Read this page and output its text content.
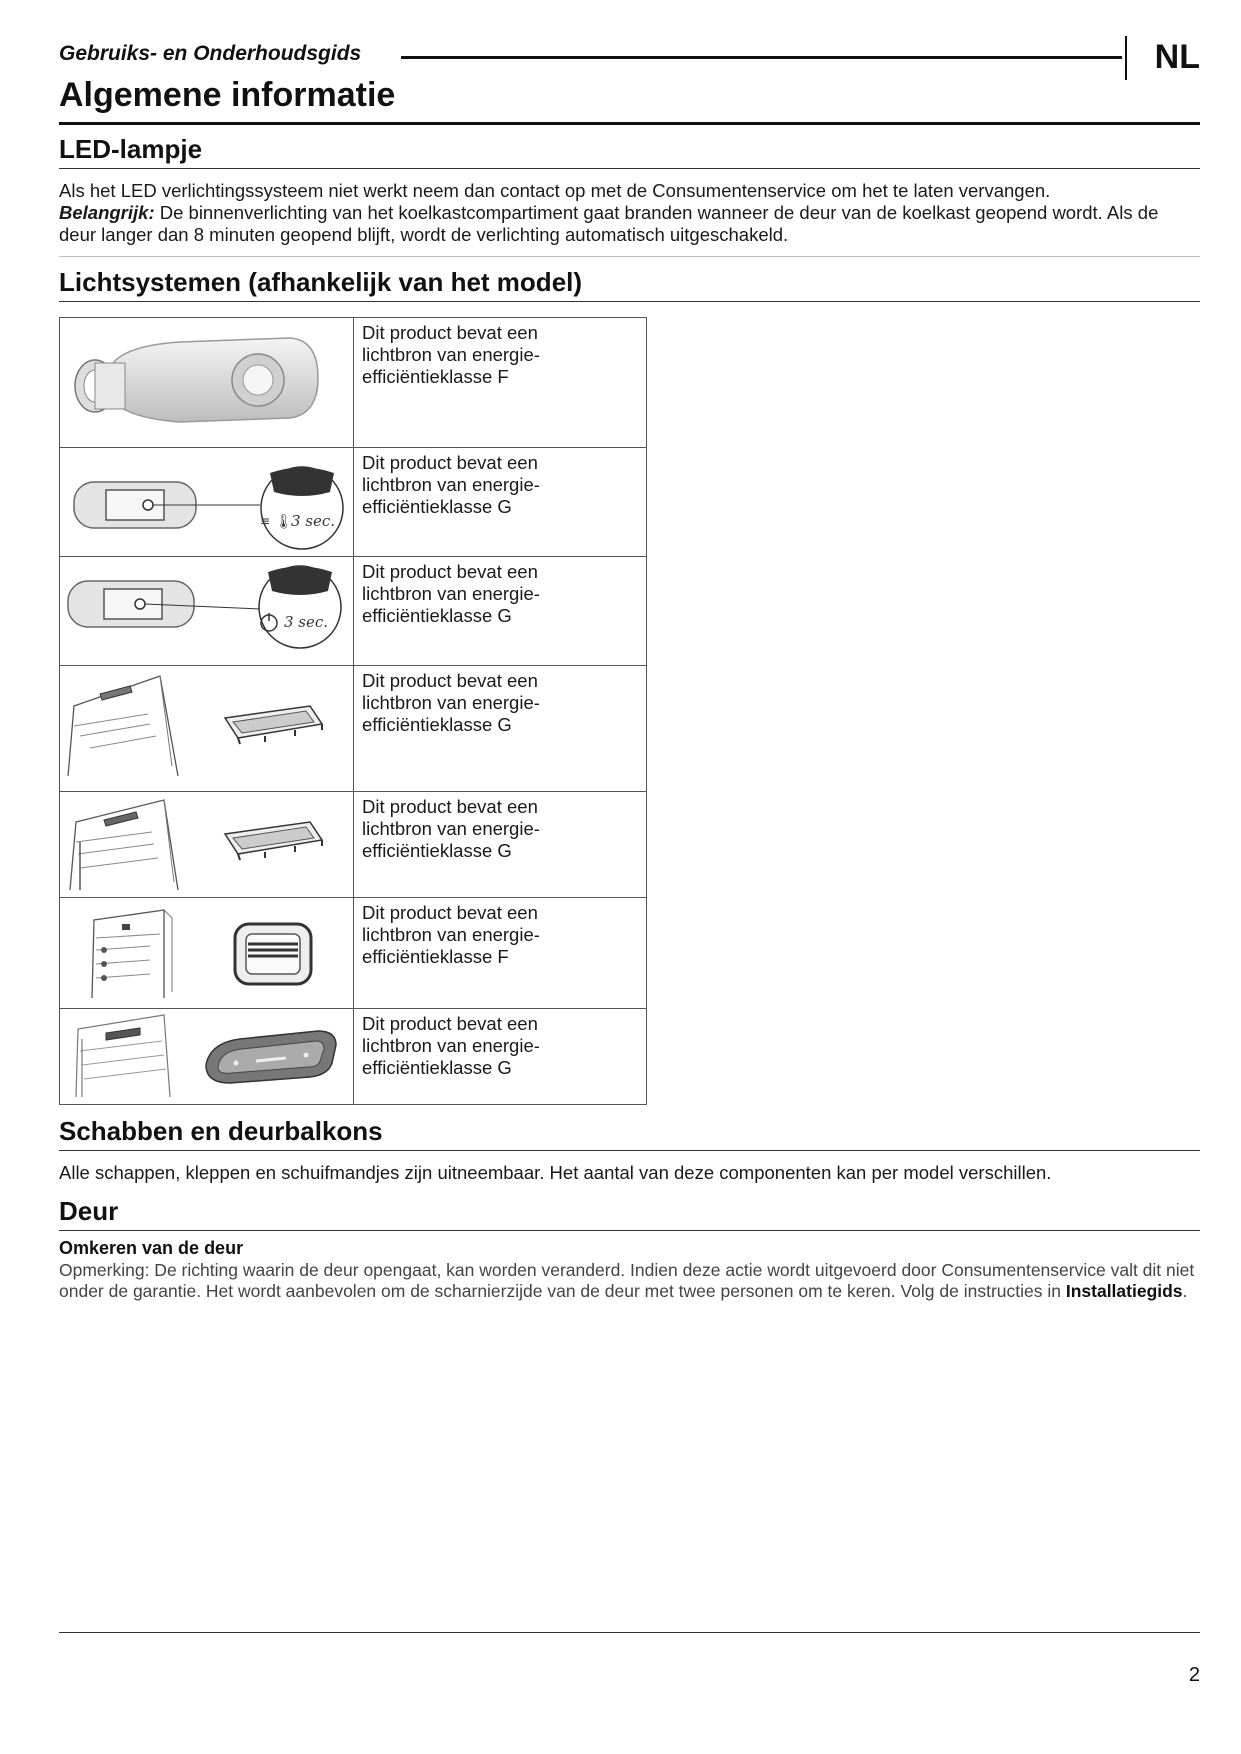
Gebruiks- en Onderhoudsgids	NL
Algemene informatie
LED-lampje
Als het LED verlichtingssysteem niet werkt neem dan contact op met de Consumentenservice om het te laten vervangen.
Belangrijk: De binnenverlichting van het koelkastcompartiment gaat branden wanneer de deur van de koelkast geopend wordt. Als de deur langer dan 8 minuten geopend blijft, wordt de verlichting automatisch uitgeschakeld.
Lichtsystemen (afhankelijk van het model)

Dit product bevat een
lichtbron van energie-
efficiëntieklasse F

≡ 🌡
3 sec.	Dit product bevat een
lichtbron van energie-
efficiëntieklasse G

3 sec.	Dit product bevat een
lichtbron van energie-
efficiëntieklasse G

Dit product bevat een
lichtbron van energie-
efficiëntieklasse G

Dit product bevat een
lichtbron van energie-
efficiëntieklasse G

Dit product bevat een
lichtbron van energie-
efficiëntieklasse F

Dit product bevat een
lichtbron van energie-
efficiëntieklasse G
Schabben en deurbalkons
Alle schappen, kleppen en schuifmandjes zijn uitneembaar. Het aantal van deze componenten kan per model verschillen.
Deur
Omkeren van de deur
Opmerking: De richting waarin de deur opengaat, kan worden veranderd. Indien deze actie wordt uitgevoerd door Consumentenservice valt dit niet onder de garantie. Het wordt aanbevolen om de scharnierzijde van de deur met twee personen om te keren. Volg de instructies in Installatiegids.
2
